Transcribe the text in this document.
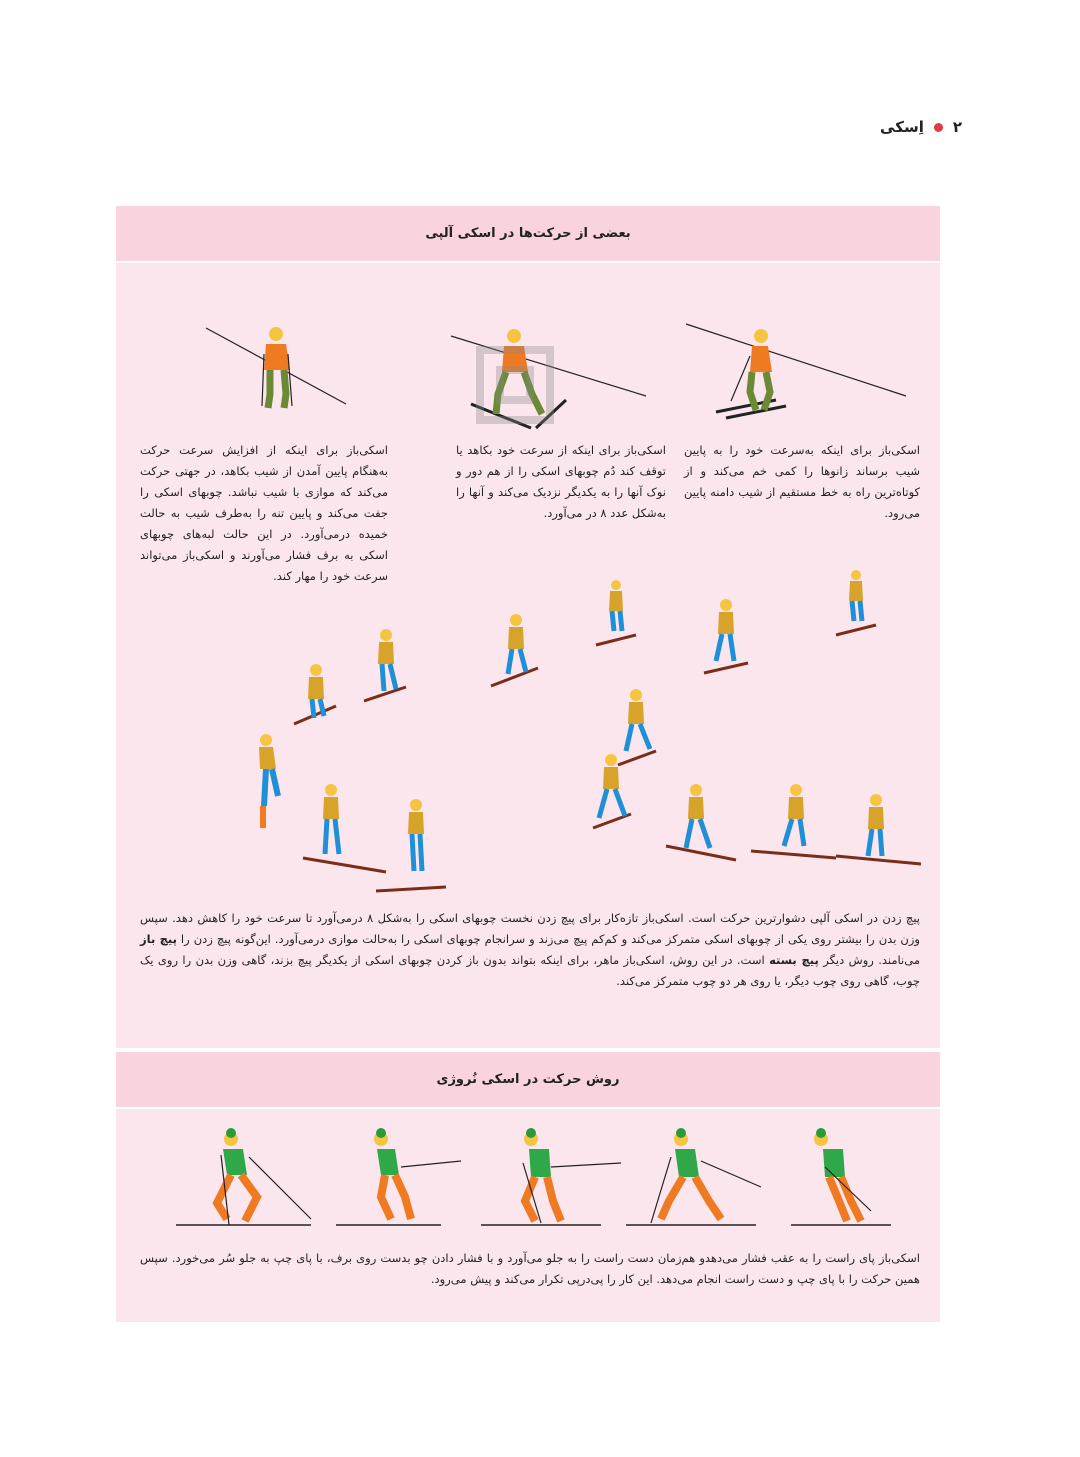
۲
اِسکی
بعضی از حرکت‌ها در اسکی آلپی
اسکی‌باز برای اینکه به‌سرعت خود را به پایین شیب برساند زانوها را کمی خم می‌کند و از کوتاه‌ترین راه به خط مستقیم از شیب دامنه پایین می‌رود.
اسکی‌باز برای اینکه از سرعت خود بکاهد یا توقف کند دُم چوبهای اسکی را از هم دور و نوک آنها را به یکدیگر نزدیک می‌کند و آنها را به‌شکل عدد ۸ در می‌آورد.
اسکی‌باز برای اینکه از افزایش سرعت حرکت به‌هنگام پایین آمدن از شیب بکاهد، در جهتی حرکت می‌کند که موازی با شیب نباشد. چوبهای اسکی را جفت می‌کند و پایین تنه را به‌طرف شیب به حالت خمیده درمی‌آورد. در این حالت لبه‌های چوبهای اسکی به برف فشار می‌آورند و اسکی‌باز می‌تواند سرعت خود را مهار کند.
پیچ زدن در اسکی آلپی دشوارترین حرکت است. اسکی‌باز تازه‌کار برای پیچ زدن نخست چوبهای اسکی را به‌شکل ۸ درمی‌آورد تا سرعت خود را کاهش دهد. سپس وزن بدن را بیشتر روی یکی از چوبهای اسکی متمرکز می‌کند و کم‌کم پیچ می‌زند و سرانجام چوبهای اسکی را به‌حالت موازی درمی‌آورد. این‌گونه پیچ زدن را پیچ باز می‌نامند. روش دیگر پیچ بسته است. در این روش، اسکی‌باز ماهر، برای اینکه بتواند بدون باز کردن چوبهای اسکی از یکدیگر پیچ بزند، گاهی وزن بدن را روی یک چوب، گاهی روی چوب دیگر، یا روی هر دو چوب متمرکز می‌کند.
روش حرکت در اسکی نُروژی
اسکی‌باز پای راست را به عقب فشار می‌دهدو هم‌زمان دست راست را به جلو می‌آورد و با فشار دادن چو بدست روی برف، با پای چپ به جلو سُر می‌خورد. سپس همین حرکت را با پای چپ و دست راست انجام می‌دهد. این کار را پی‌درپی تکرار می‌کند و پیش می‌رود.
